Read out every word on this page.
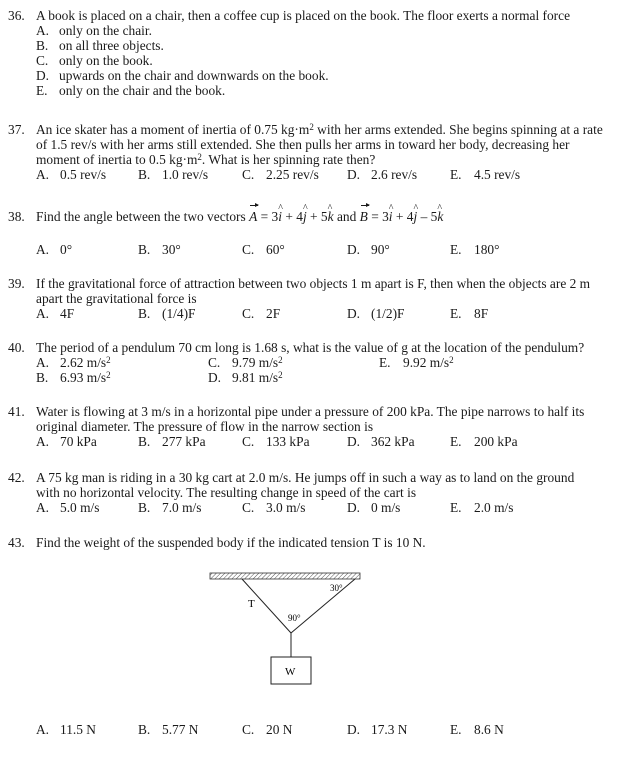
36. A book is placed on a chair, then a coffee cup is placed on the book. The floor exerts a normal force
A. only on the chair.
B. on all three objects.
C. only on the book.
D. upwards on the chair and downwards on the book.
E. only on the chair and the book.
37. An ice skater has a moment of inertia of 0.75 $kg\cdot m^2$ with her arms extended. She begins spinning at a rate
of 1.5 rev/s with her arms still extended. She then pulls her arms in toward her body, decreasing her
moment of inertia to 0.5 $kg\cdot m^2$. What is her spinning rate then?
A. 0.5 rev/s B. 1.0 rev/s	C. 2.25 rev/s D. 2.6 rev/s E. 4.5 rev/s
38. Find the angle between the two vectors A = 3^ i + 4^ j + 5^ k and B = 3^ i + 4^ j – 5^ k
A. 0°	B. 30°	C. 60°	D. 90°	E. 180°
39. If the gravitational force of attraction between two objects 1 m apart is F, then when the objects are 2 m
apart the gravitational force is
A. 4F	B. (1/4)F	C. 2F	D. (1/2)F	E. 8F
40. The period of a pendulum 70 cm long is 1.68 s, what is the value of g at the location of the pendulum?
A. 2.62 $m/s^2$	C. 9.79 $m/s^2$	E. 9.92 $m/s^2$
B. 6.93 $m/s^2$	D. 9.81 $m/s^2$
41. Water is flowing at 3 m/s in a horizontal pipe under a pressure of 200 kPa. The pipe narrows to half its
original diameter. The pressure of flow in the narrow section is
A. 70 kPa	B. 277 kPa	C. 133 kPa	D. 362 kPa	E. 200 kPa
42. A 75 kg man is riding in a 30 kg cart at 2.0 m/s. He jumps off in such a way as to land on the ground
with no horizontal velocity. The resulting change in speed of the cart is
A. 5.0 m/s	B. 7.0 m/s	C. 3.0 m/s	D. 0 m/s	E. 2.0 m/s
43. Find the weight of the suspended body if the indicated tension T is 10 N.
A. 11.5 N	B. 5.77 N	C. 20 N	D. 17.3 N	E. 8.6 N
T
30°
90°
W
